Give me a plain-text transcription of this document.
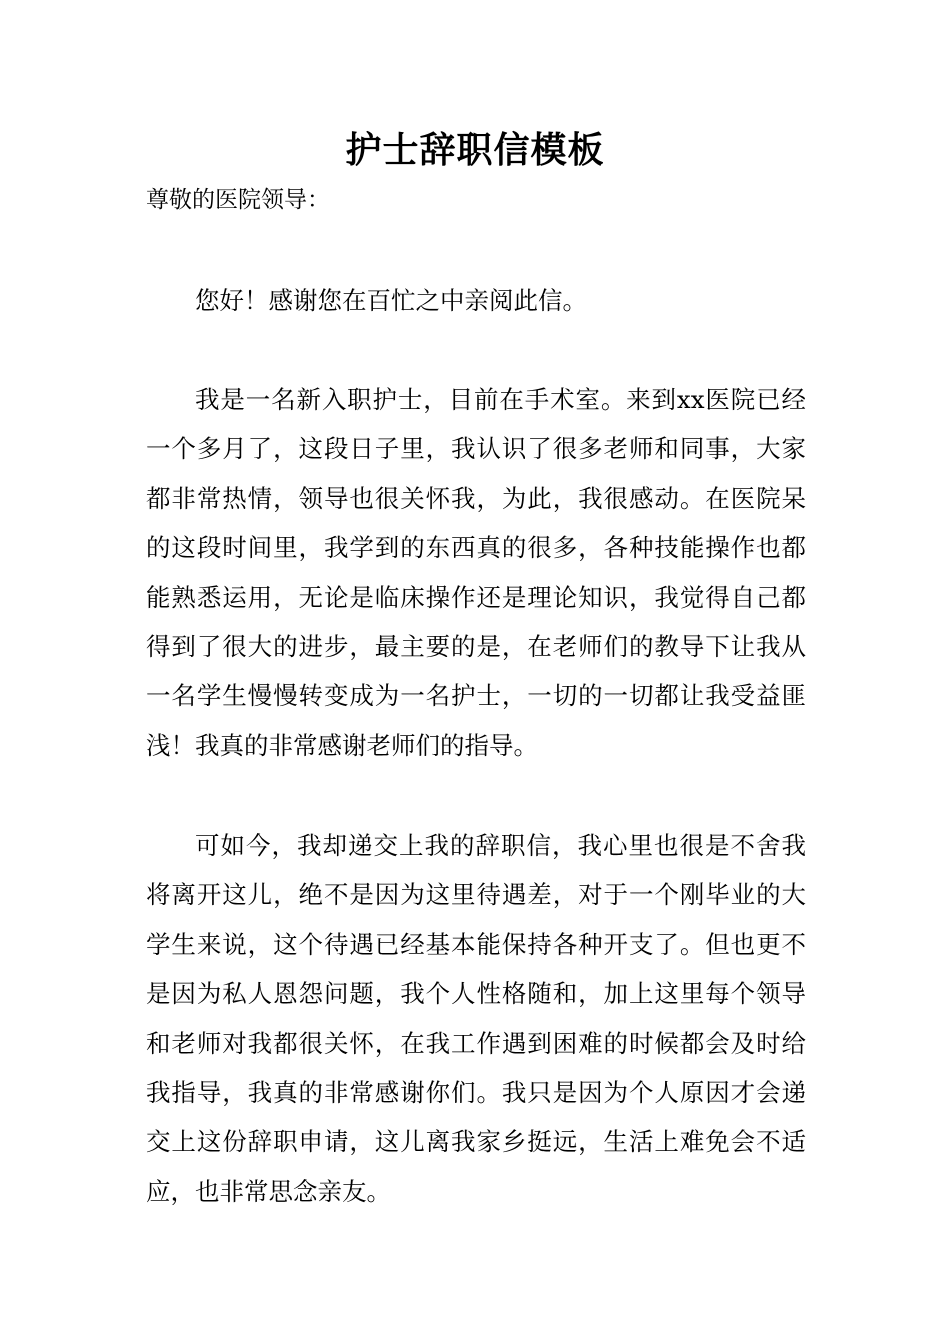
护士辞职信模板
尊敬的医院领导：

您好！感谢您在百忙之中亲阅此信。

我是一名新入职护士，目前在手术室。来到xx医院已经一个多月了，这段日子里，我认识了很多老师和同事，大家都非常热情，领导也很关怀我，为此，我很感动。在医院呆的这段时间里，我学到的东西真的很多，各种技能操作也都能熟悉运用，无论是临床操作还是理论知识，我觉得自己都得到了很大的进步，最主要的是，在老师们的教导下让我从一名学生慢慢转变成为一名护士，一切的一切都让我受益匪浅！我真的非常感谢老师们的指导。

可如今，我却递交上我的辞职信，我心里也很是不舍我将离开这儿，绝不是因为这里待遇差，对于一个刚毕业的大学生来说，这个待遇已经基本能保持各种开支了。但也更不是因为私人恩怨问题，我个人性格随和，加上这里每个领导和老师对我都很关怀，在我工作遇到困难的时候都会及时给我指导，我真的非常感谢你们。我只是因为个人原因才会递交上这份辞职申请，这儿离我家乡挺远，生活上难免会不适应，也非常思念亲友。
